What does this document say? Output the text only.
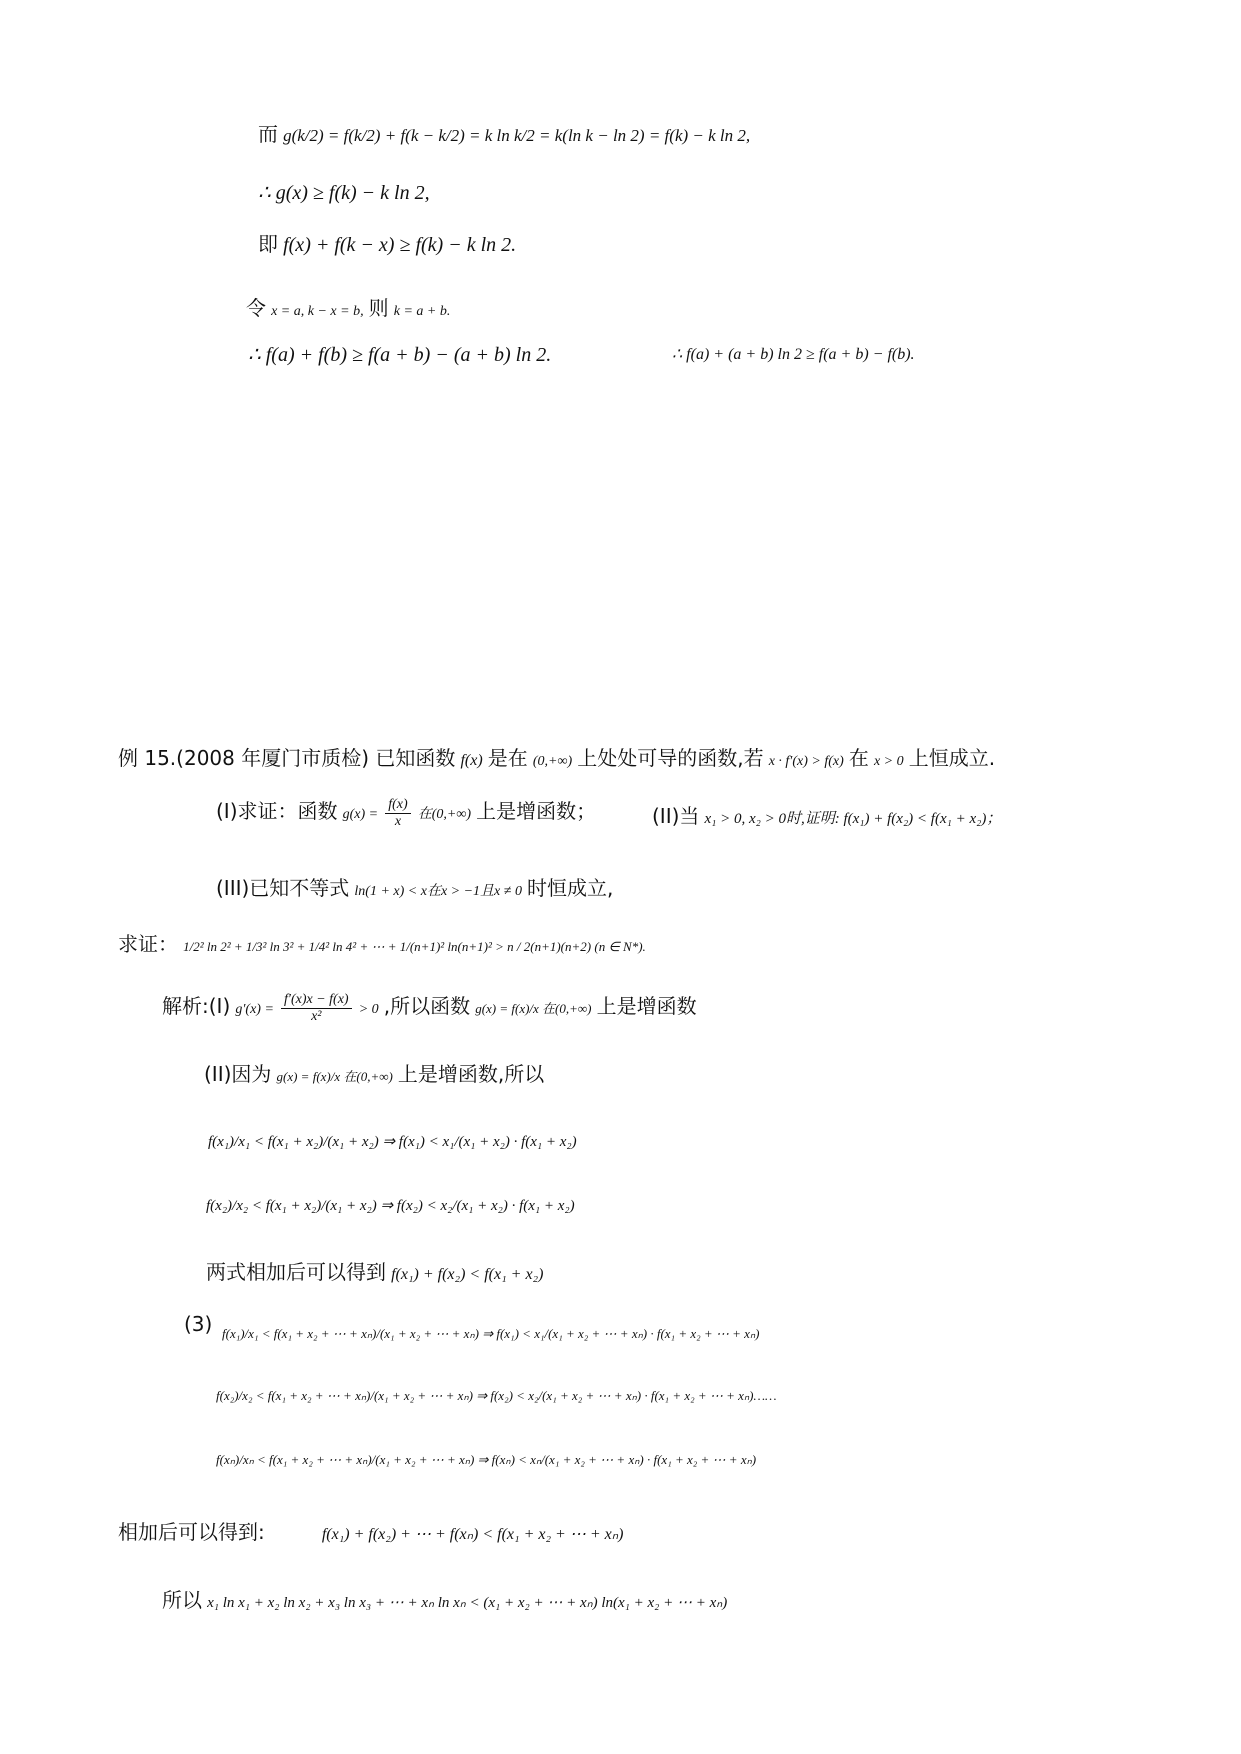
而 g(k/2) = f(k/2) + f(k − k/2) = k ln k/2 = k(ln k − ln 2) = f(k) − k ln 2,
∴ g(x) ≥ f(k) − k ln 2,
即 f(x) + f(k − x) ≥ f(k) − k ln 2.
令 x = a, k − x = b, 则 k = a + b.
∴ f(a) + f(b) ≥ f(a + b) − (a + b) ln 2.	∴ f(a) + (a + b) ln 2 ≥ f(a + b) − f(b).
例 15.(2008 年厦门市质检) 已知函数 f(x) 是在 (0,+∞) 上处处可导的函数,若 x · f′(x) > f(x) 在 x > 0 上恒成立.
(I)求证：函数 $g(x) = \frac{f(x)}{x}$ 在(0,+∞) 上是增函数；	(II)当 x₁ > 0, x₂ > 0时,证明: f(x₁) + f(x₂) < f(x₁ + x₂)；
(III)已知不等式 ln(1 + x) < x在x > −1且x ≠ 0 时恒成立,
求证： 1/2² ln 2² + 1/3² ln 3² + 1/4² ln 4² + ⋯ + 1/(n+1)² ln(n+1)² > n / 2(n+1)(n+2) (n ∈ N*).
解析:(I) $g'(x) = \frac{f'(x)x - f(x)}{\text{x²}} > 0$ ,所以函数 g(x) = f(x)/x 在(0,+∞) 上是增函数
(II)因为 g(x) = f(x)/x 在(0,+∞) 上是增函数,所以
f(x₁)/x₁ < f(x₁ + x₂)/(x₁ + x₂) ⇒ f(x₁) < x₁/(x₁ + x₂) · f(x₁ + x₂)
f(x₂)/x₂ < f(x₁ + x₂)/(x₁ + x₂) ⇒ f(x₂) < x₂/(x₁ + x₂) · f(x₁ + x₂)
两式相加后可以得到 f(x₁) + f(x₂) < f(x₁ + x₂)
(3) f(x₁)/x₁ < f(x₁ + x₂ + ⋯ + xₙ)/(x₁ + x₂ + ⋯ + xₙ) ⇒ f(x₁) < x₁/(x₁ + x₂ + ⋯ + xₙ) · f(x₁ + x₂ + ⋯ + xₙ)
f(x₂)/x₂ < f(x₁ + x₂ + ⋯ + xₙ)/(x₁ + x₂ + ⋯ + xₙ) ⇒ f(x₂) < x₂/(x₁ + x₂ + ⋯ + xₙ) · f(x₁ + x₂ + ⋯ + xₙ)……
f(xₙ)/xₙ < f(x₁ + x₂ + ⋯ + xₙ)/(x₁ + x₂ + ⋯ + xₙ) ⇒ f(xₙ) < xₙ/(x₁ + x₂ + ⋯ + xₙ) · f(x₁ + x₂ + ⋯ + xₙ)
相加后可以得到:	f(x₁) + f(x₂) + ⋯ + f(xₙ) < f(x₁ + x₂ + ⋯ + xₙ)
所以 x₁ ln x₁ + x₂ ln x₂ + x₃ ln x₃ + ⋯ + xₙ ln xₙ < (x₁ + x₂ + ⋯ + xₙ) ln(x₁ + x₂ + ⋯ + xₙ)
